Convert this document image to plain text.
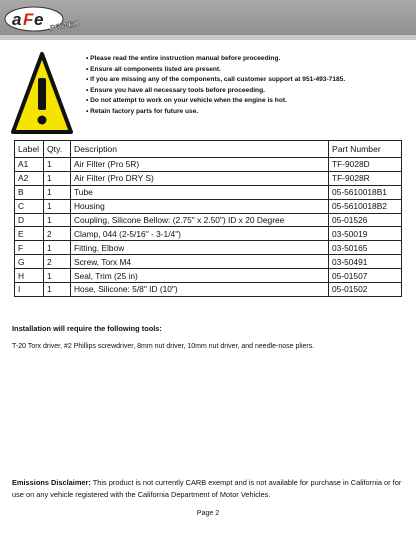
a F e POWER
• Please read the entire instruction manual before proceeding.
• Ensure all components listed are present.
• If you are missing any of the components, call customer support at 951-493-7185.
• Ensure you have all necessary tools before proceeding.
• Do not attempt to work on your vehicle when the engine is hot.
• Retain factory parts for future use.
Label	Qty.	Description	Part Number
A1	1	Air Filter (Pro 5R)	TF-9028D
A2	1	Air Filter (Pro DRY S)	TF-9028R
B	1	Tube	05-5610018B1
C	1	Housing	05-5610018B2
D	1	Coupling, Silicone Bellow: (2.75" x 2.50") ID x 20 Degree	05-01526
E	2	Clamp, 044 (2-5/16" - 3-1/4")	03-50019
F	1	Fitting, Elbow	03-50165
G	2	Screw, Torx M4	03-50491
H	1	Seal, Trim (25 in)	05-01507
I	1	Hose, Silicone: 5/8" ID (10")	05-01502
Installation will require the following tools:
T-20 Torx driver, #2 Phillips screwdriver, 8mm nut driver, 10mm nut driver, and needle-nose pliers.
Emissions Disclaimer: This product is not currently CARB exempt and is not available for purchase in California or for use on any vehicle registered with the California Department of Motor Vehicles.
Page 2
